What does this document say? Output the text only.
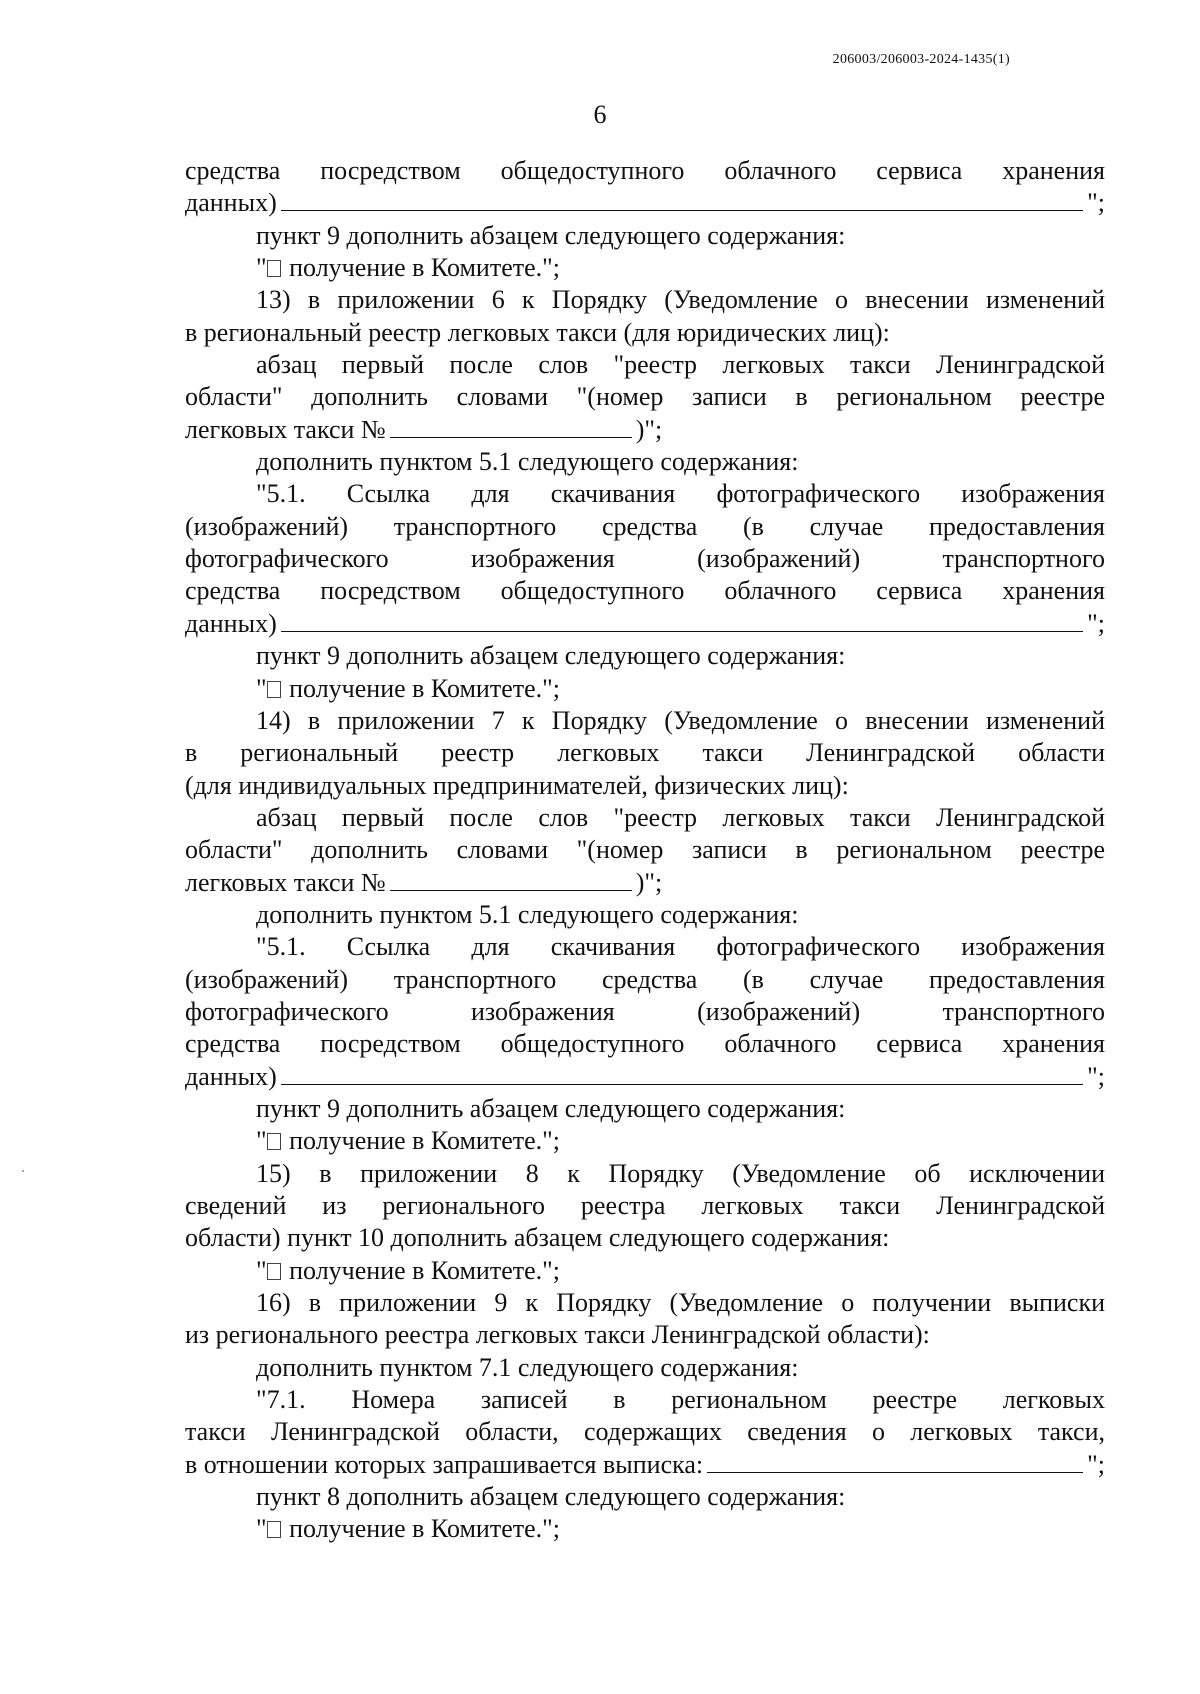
206003/206003-2024-1435(1)
6
средства посредством общедоступного облачного сервиса хранения
данных)	";
пункт 9 дополнить абзацем следующего содержания:
" получение в Комитете.";
13) в приложении 6 к Порядку (Уведомление о внесении изменений
в региональный реестр легковых такси (для юридических лиц):
абзац первый после слов "реестр легковых такси Ленинградской
области" дополнить словами "(номер записи в региональном реестре
легковых такси №	)";
дополнить пунктом 5.1 следующего содержания:
"5.1. Ссылка для скачивания фотографического изображения
(изображений) транспортного средства (в случае предоставления
фотографического изображения (изображений) транспортного
средства посредством общедоступного облачного сервиса хранения
данных)	";
пункт 9 дополнить абзацем следующего содержания:
" получение в Комитете.";
14) в приложении 7 к Порядку (Уведомление о внесении изменений
в региональный реестр легковых такси Ленинградской области
(для индивидуальных предпринимателей, физических лиц):
абзац первый после слов "реестр легковых такси Ленинградской
области" дополнить словами "(номер записи в региональном реестре
легковых такси №	)";
дополнить пунктом 5.1 следующего содержания:
"5.1. Ссылка для скачивания фотографического изображения
(изображений) транспортного средства (в случае предоставления
фотографического изображения (изображений) транспортного
средства посредством общедоступного облачного сервиса хранения
данных)	";
пункт 9 дополнить абзацем следующего содержания:
" получение в Комитете.";
15) в приложении 8 к Порядку (Уведомление об исключении
сведений из регионального реестра легковых такси Ленинградской
области) пункт 10 дополнить абзацем следующего содержания:
" получение в Комитете.";
16) в приложении 9 к Порядку (Уведомление о получении выписки
из регионального реестра легковых такси Ленинградской области):
дополнить пунктом 7.1 следующего содержания:
"7.1. Номера записей в региональном реестре легковых
такси Ленинградской области, содержащих сведения о легковых такси,
в отношении которых запрашивается выписка:	";
пункт 8 дополнить абзацем следующего содержания:
" получение в Комитете.";
